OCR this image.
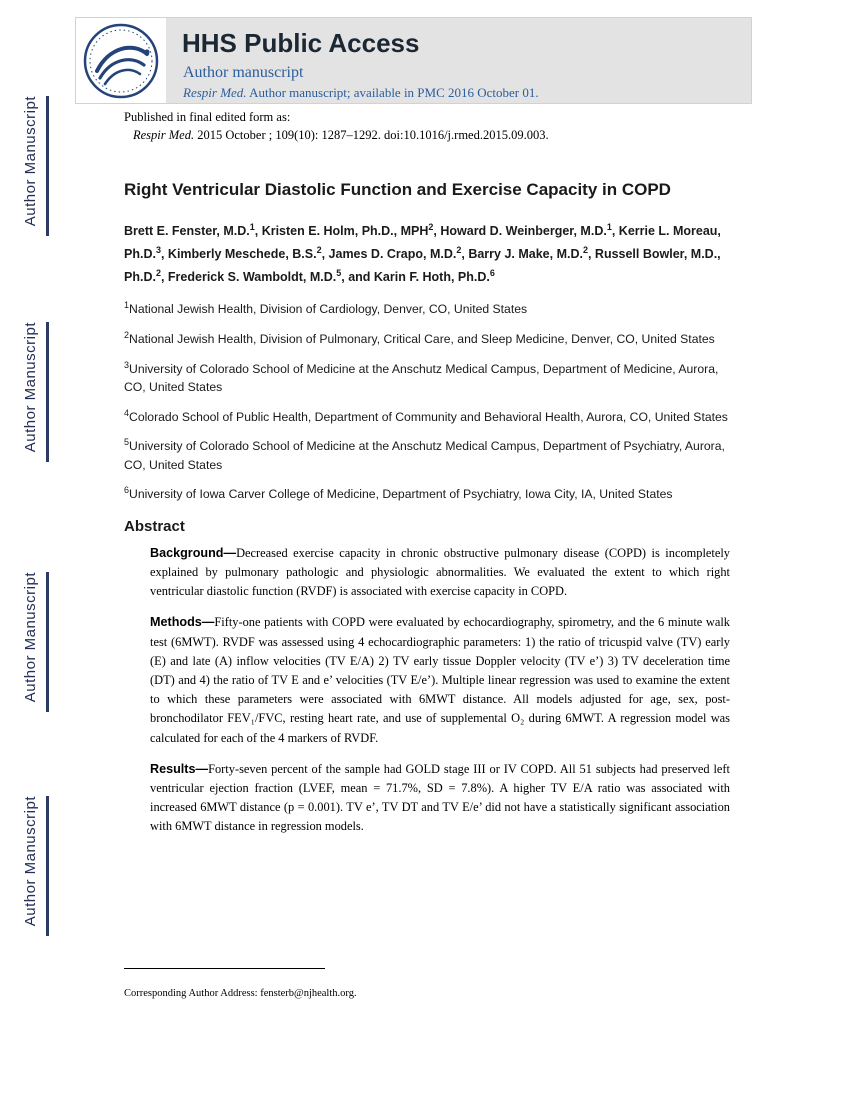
Author Manuscript
Author Manuscript
Author Manuscript
Author Manuscript
HHS Public Access
Author manuscript
Respir Med. Author manuscript; available in PMC 2016 October 01.
Published in final edited form as:
Respir Med. 2015 October ; 109(10): 1287–1292. doi:10.1016/j.rmed.2015.09.003.
Right Ventricular Diastolic Function and Exercise Capacity in COPD
Brett E. Fenster, M.D.$^1$, Kristen E. Holm, Ph.D., MPH$^2$, Howard D. Weinberger, M.D.$^1$, Kerrie L. Moreau, Ph.D.$^3$, Kimberly Meschede, B.S.$^2$, James D. Crapo, M.D.$^2$, Barry J. Make, M.D.$^2$, Russell Bowler, M.D., Ph.D.$^2$, Frederick S. Wamboldt, M.D.$^5$, and Karin F. Hoth, Ph.D.$^6$

$^1$National Jewish Health, Division of Cardiology, Denver, CO, United States

$^2$National Jewish Health, Division of Pulmonary, Critical Care, and Sleep Medicine, Denver, CO, United States

$^3$University of Colorado School of Medicine at the Anschutz Medical Campus, Department of Medicine, Aurora, CO, United States

$^4$Colorado School of Public Health, Department of Community and Behavioral Health, Aurora, CO, United States

$^5$University of Colorado School of Medicine at the Anschutz Medical Campus, Department of Psychiatry, Aurora, CO, United States

$^6$University of Iowa Carver College of Medicine, Department of Psychiatry, Iowa City, IA, United States

Abstract

Background—Decreased exercise capacity in chronic obstructive pulmonary disease (COPD) is incompletely explained by pulmonary pathologic and physiologic abnormalities. We evaluated the extent to which right ventricular diastolic function (RVDF) is associated with exercise capacity in COPD.

Methods—Fifty-one patients with COPD were evaluated by echocardiography, spirometry, and the 6 minute walk test (6MWT). RVDF was assessed using 4 echocardiographic parameters: 1) the ratio of tricuspid valve (TV) early (E) and late (A) inflow velocities (TV E/A) 2) TV early tissue Doppler velocity (TV e’) 3) TV deceleration time (DT) and 4) the ratio of TV E and e’ velocities (TV E/e’). Multiple linear regression was used to examine the extent to which these parameters were associated with 6MWT distance. All models adjusted for age, sex, post-bronchodilator FEV₁/FVC, resting heart rate, and use of supplemental O₂ during 6MWT. A regression model was calculated for each of the 4 markers of RVDF.

Results—Forty-seven percent of the sample had GOLD stage III or IV COPD. All 51 subjects had preserved left ventricular ejection fraction (LVEF, mean = 71.7%, SD = 7.8%). A higher TV E/A ratio was associated with increased 6MWT distance (p = 0.001). TV e’, TV DT and TV E/e’ did not have a statistically significant association with 6MWT distance in regression models.

Corresponding Author Address: fensterb@njhealth.org.
